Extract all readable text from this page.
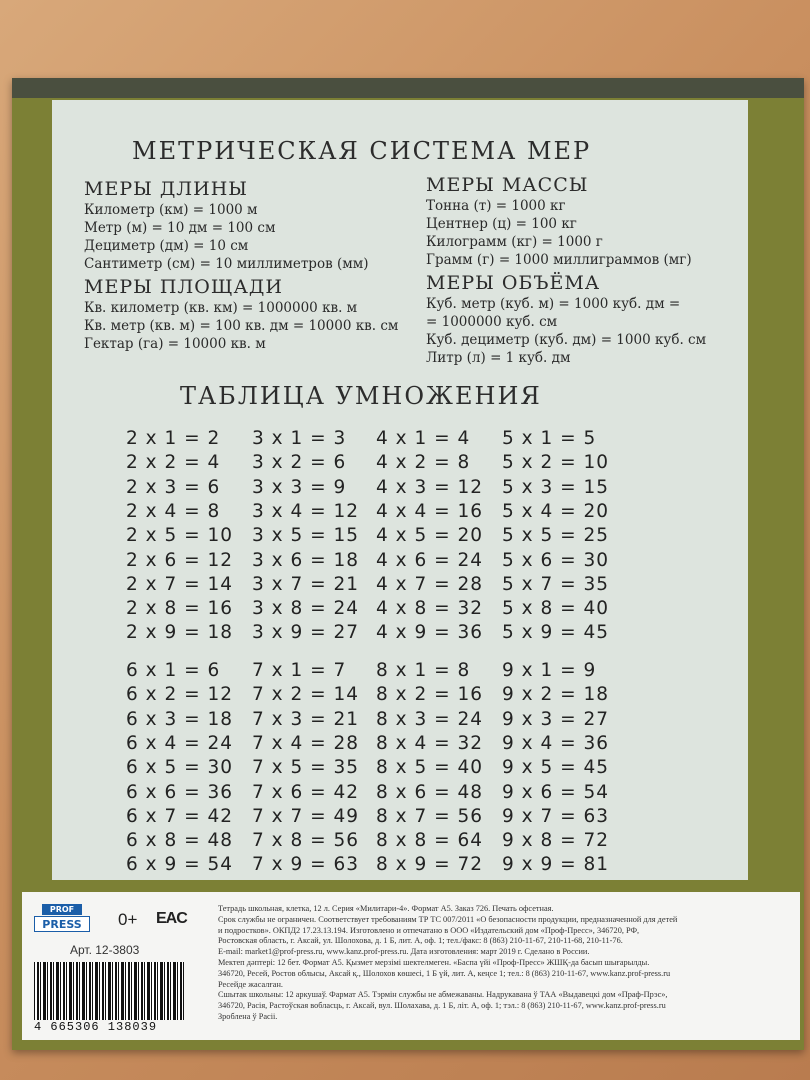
МЕТРИЧЕСКАЯ СИСТЕМА МЕР
МЕРЫ ДЛИНЫ
Километр (км) = 1000 м
Метр (м) = 10 дм = 100 см
Дециметр (дм) = 10 см
Сантиметр (см) = 10 миллиметров (мм)
МЕРЫ МАССЫ
Тонна (т) = 1000 кг
Центнер (ц) = 100 кг
Килограмм (кг) = 1000 г
Грамм (г) = 1000 миллиграммов (мг)
МЕРЫ ПЛОЩАДИ
Кв. километр (кв. км) = 1000000 кв. м
Кв. метр (кв. м) = 100 кв. дм = 10000 кв. см
Гектар (га) = 10000 кв. м
МЕРЫ ОБЪЁМА
Куб. метр (куб. м) = 1000 куб. дм =
= 1000000 куб. см
Куб. дециметр (куб. дм) = 1000 куб. см
Литр (л) = 1 куб. дм
ТАБЛИЦА УМНОЖЕНИЯ
2 x 1 = 2
2 x 2 = 4
2 x 3 = 6
2 x 4 = 8
2 x 5 = 10
2 x 6 = 12
2 x 7 = 14
2 x 8 = 16
2 x 9 = 18
3 x 1 = 3
3 x 2 = 6
3 x 3 = 9
3 x 4 = 12
3 x 5 = 15
3 x 6 = 18
3 x 7 = 21
3 x 8 = 24
3 x 9 = 27
4 x 1 = 4
4 x 2 = 8
4 x 3 = 12
4 x 4 = 16
4 x 5 = 20
4 x 6 = 24
4 x 7 = 28
4 x 8 = 32
4 x 9 = 36
5 x 1 = 5
5 x 2 = 10
5 x 3 = 15
5 x 4 = 20
5 x 5 = 25
5 x 6 = 30
5 x 7 = 35
5 x 8 = 40
5 x 9 = 45
6 x 1 = 6
6 x 2 = 12
6 x 3 = 18
6 x 4 = 24
6 x 5 = 30
6 x 6 = 36
6 x 7 = 42
6 x 8 = 48
6 x 9 = 54
7 x 1 = 7
7 x 2 = 14
7 x 3 = 21
7 x 4 = 28
7 x 5 = 35
7 x 6 = 42
7 x 7 = 49
7 x 8 = 56
7 x 9 = 63
8 x 1 = 8
8 x 2 = 16
8 x 3 = 24
8 x 4 = 32
8 x 5 = 40
8 x 6 = 48
8 x 7 = 56
8 x 8 = 64
8 x 9 = 72
9 x 1 = 9
9 x 2 = 18
9 x 3 = 27
9 x 4 = 36
9 x 5 = 45
9 x 6 = 54
9 x 7 = 63
9 x 8 = 72
9 x 9 = 81
PROF
PRESS	0+ EAC
Арт. 12-3803
4 665306 138039

Тетрадь школьная, клетка, 12 л. Серия «Милитари-4». Формат А5. Заказ 726. Печать офсетная.

Срок службы не ограничен. Соответствует требованиям ТР ТС 007/2011 «О безопасности продукции, предназначенной для детей

и подростков». ОКПД2 17.23.13.194. Изготовлено и отпечатано в ООО «Издательский дом «Проф-Пресс», 346720, РФ,

Ростовская область, г. Аксай, ул. Шолохова, д. 1 Б, лит. А, оф. 1; тел./факс: 8 (863) 210-11-67, 210-11-68, 210-11-76.

E-mail: market1@prof-press.ru, www.kanz.prof-press.ru. Дата изготовления: март 2019 г. Сделано в России.

Мектеп дәптері: 12 бет. Формат А5. Қызмет мерзімі шектелмеген. «Баспа үйі «Проф-Пресс» ЖШҚ-да басып шығарылды.

346720, Ресей, Ростов облысы, Аксай қ., Шолохов көшесі, 1 Б үй, лит. А, кеңсе 1; тел.: 8 (863) 210-11-67, www.kanz.prof-press.ru

Ресейде жасалған.

Сшытак школьны: 12 аркушаў. Фармат А5. Тэрмін службы не абмежаваны. Надрукавана ў ТАА «Выдавецкі дом «Праф-Прэс»,

346720, Расія, Растоўская вобласць, г. Аксай, вул. Шолахава, д. 1 Б, літ. А, оф. 1; тэл.: 8 (863) 210-11-67, www.kanz.prof-press.ru

Зроблена ў Расіі.
